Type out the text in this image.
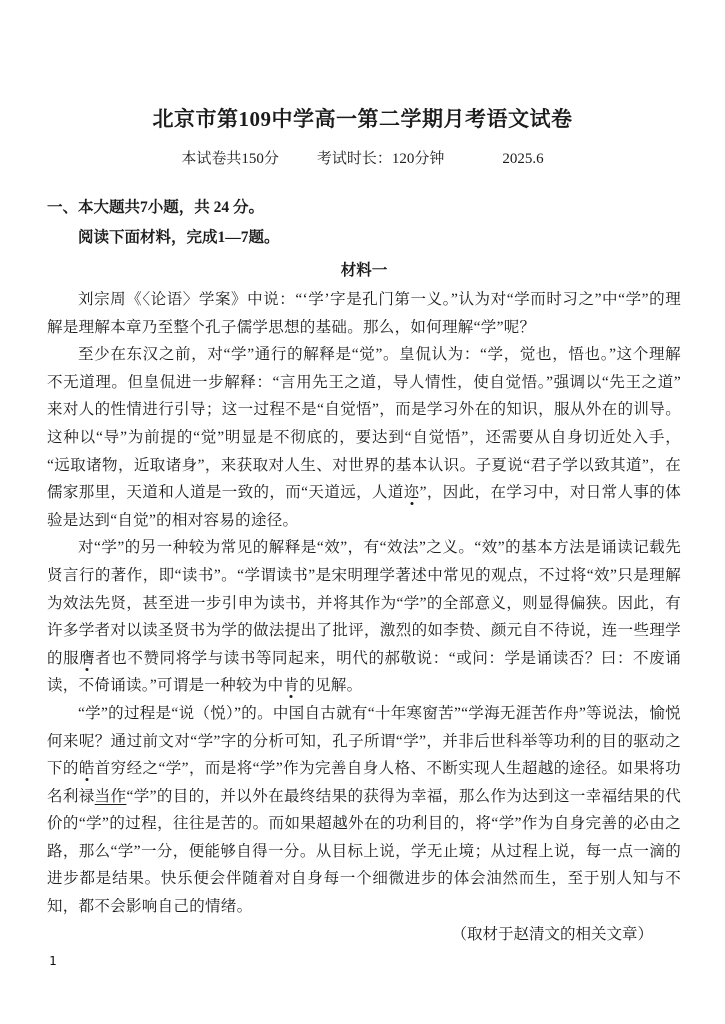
北京市第109中学高一第二学期月考语文试卷
本试卷共150分	考试时长：120分钟	2025.6
一、本大题共7小题，共 24 分。
阅读下面材料，完成1—7题。
材料一

刘宗周《〈论语〉学案》中说：“‘学’字是孔门第一义。”认为对“学而时习之”中“学”的理解是理解本章乃至整个孔子儒学思想的基础。那么，如何理解“学”呢？

至少在东汉之前，对“学”通行的解释是“觉”。皇侃认为：“学，觉也，悟也。”这个理解不无道理。但皇侃进一步解释：“言用先王之道，导人情性，使自觉悟。”强调以“先王之道”来对人的性情进行引导；这一过程不是“自觉悟”，而是学习外在的知识，服从外在的训导。这种以“导”为前提的“觉”明显是不彻底的，要达到“自觉悟”，还需要从自身切近处入手，“远取诸物，近取诸身”，来获取对人生、对世界的基本认识。子夏说“君子学以致其道”，在儒家那里，天道和人道是一致的，而“天道远，人道迩”，因此，在学习中，对日常人事的体验是达到“自觉”的相对容易的途径。

对“学”的另一种较为常见的解释是“效”，有“效法”之义。“效”的基本方法是诵读记载先贤言行的著作，即“读书”。“学谓读书”是宋明理学著述中常见的观点，不过将“效”只是理解为效法先贤，甚至进一步引申为读书，并将其作为“学”的全部意义，则显得偏狭。因此，有许多学者对以读圣贤书为学的做法提出了批评，激烈的如李贽、颜元自不待说，连一些理学的服膺者也不赞同将学与读书等同起来，明代的郝敬说：“或问：学是诵读否？曰：不废诵读，不倚诵读。”可谓是一种较为中肯的见解。

“学”的过程是“说（悦）”的。中国自古就有“十年寒窗苦”“学海无涯苦作舟”等说法，愉悦何来呢？通过前文对“学”字的分析可知，孔子所谓“学”，并非后世科举等功利的目的驱动之下的皓首穷经之“学”，而是将“学”作为完善自身人格、不断实现人生超越的途径。如果将功名利禄当作“学”的目的，并以外在最终结果的获得为幸福，那么作为达到这一幸福结果的代价的“学”的过程，往往是苦的。而如果超越外在的功利目的，将“学”作为自身完善的必由之路，那么“学”一分，便能够自得一分。从目标上说，学无止境；从过程上说，每一点一滴的进步都是结果。快乐便会伴随着对自身每一个细微进步的体会油然而生，至于别人知与不知，都不会影响自己的情绪。

（取材于赵清文的相关文章）
1
